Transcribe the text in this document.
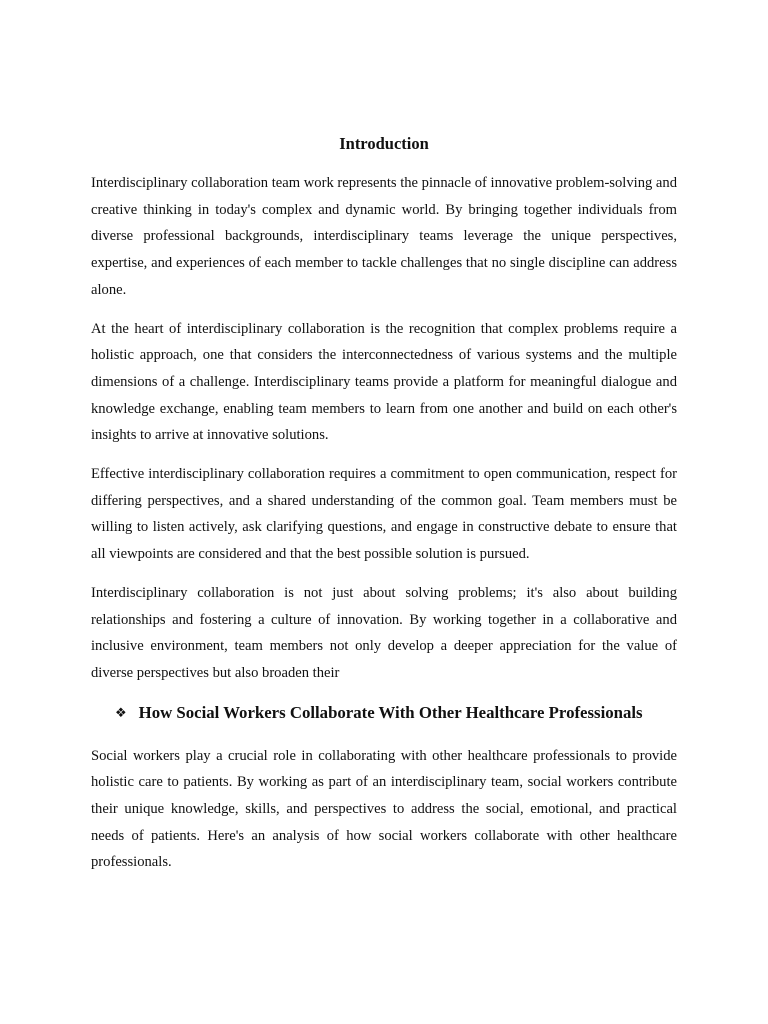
Introduction

Interdisciplinary collaboration team work represents the pinnacle of innovative problem-solving and creative thinking in today's complex and dynamic world. By bringing together individuals from diverse professional backgrounds, interdisciplinary teams leverage the unique perspectives, expertise, and experiences of each member to tackle challenges that no single discipline can address alone.

At the heart of interdisciplinary collaboration is the recognition that complex problems require a holistic approach, one that considers the interconnectedness of various systems and the multiple dimensions of a challenge. Interdisciplinary teams provide a platform for meaningful dialogue and knowledge exchange, enabling team members to learn from one another and build on each other's insights to arrive at innovative solutions.

Effective interdisciplinary collaboration requires a commitment to open communication, respect for differing perspectives, and a shared understanding of the common goal. Team members must be willing to listen actively, ask clarifying questions, and engage in constructive debate to ensure that all viewpoints are considered and that the best possible solution is pursued.

Interdisciplinary collaboration is not just about solving problems; it's also about building relationships and fostering a culture of innovation. By working together in a collaborative and inclusive environment, team members not only develop a deeper appreciation for the value of diverse perspectives but also broaden their

❖ How Social Workers Collaborate With Other Healthcare Professionals

Social workers play a crucial role in collaborating with other healthcare professionals to provide holistic care to patients. By working as part of an interdisciplinary team, social workers contribute their unique knowledge, skills, and perspectives to address the social, emotional, and practical needs of patients. Here's an analysis of how social workers collaborate with other healthcare professionals.
